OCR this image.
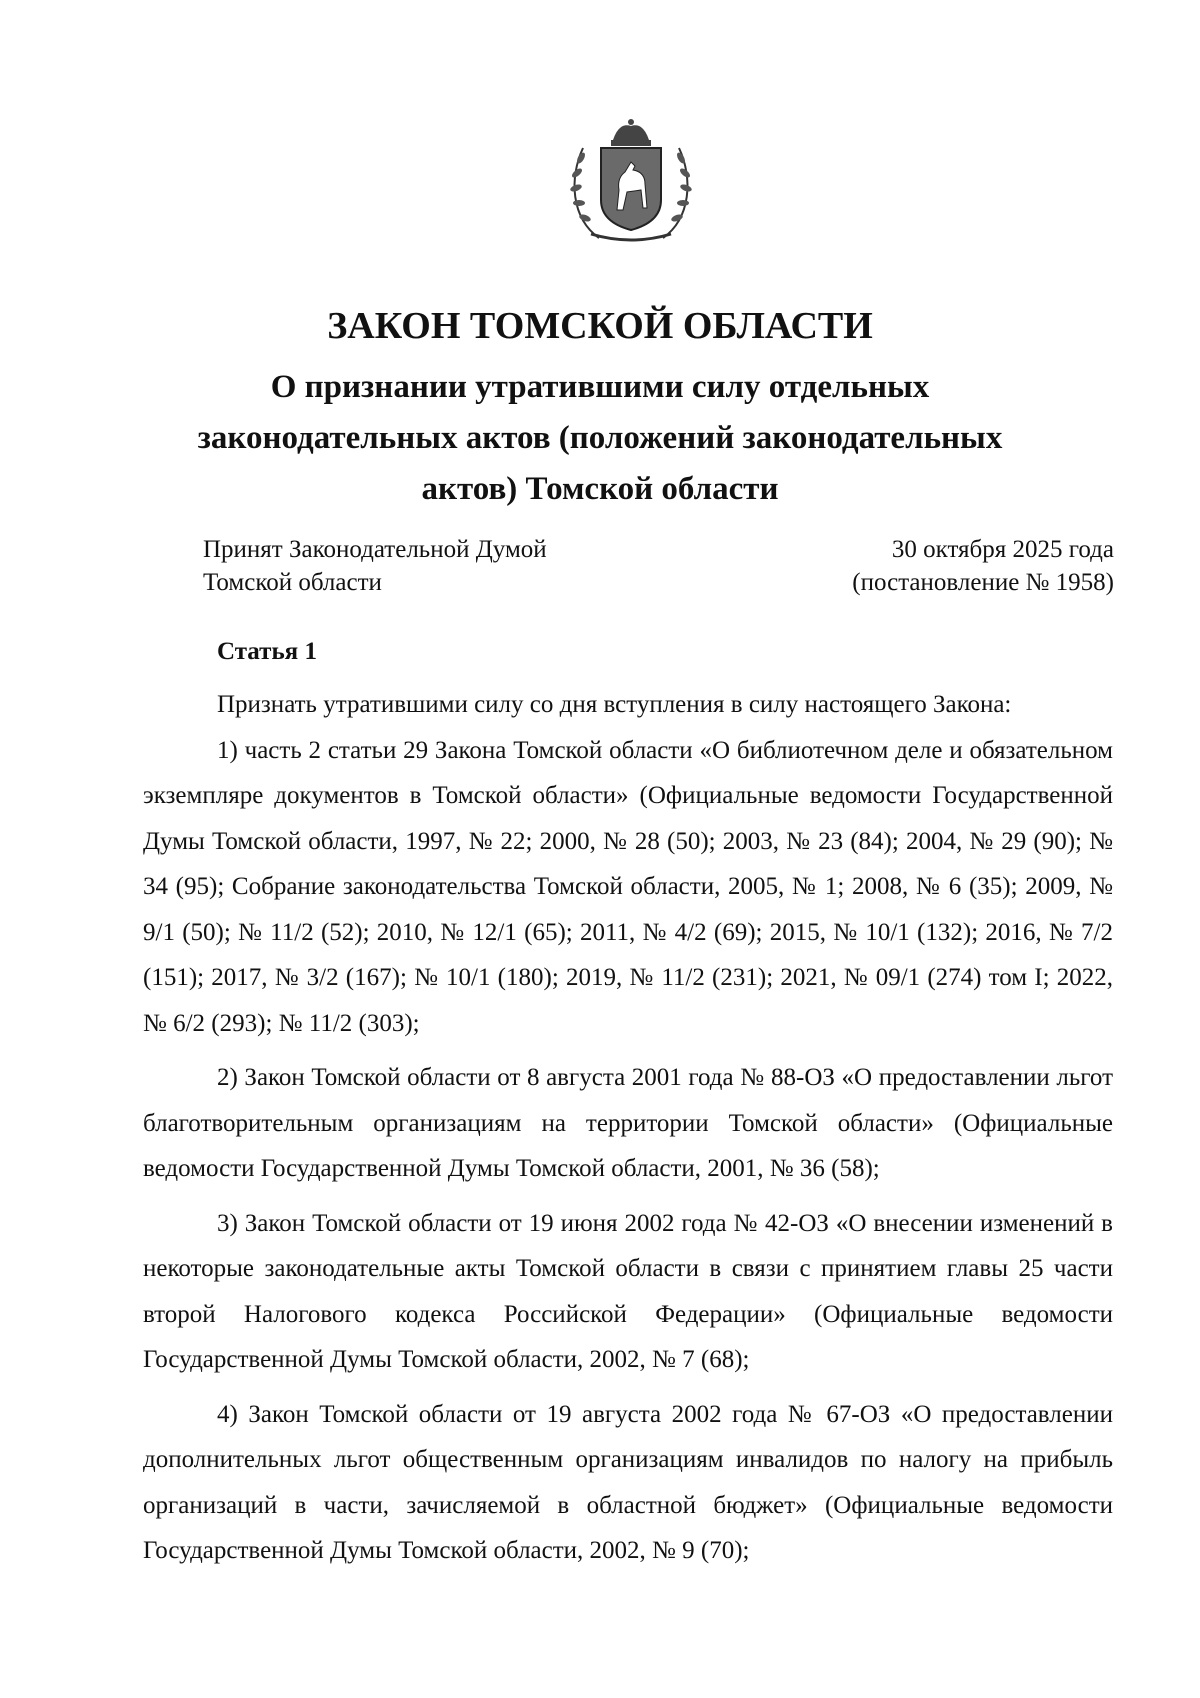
ЗАКОН ТОМСКОЙ ОБЛАСТИ
О признании утратившими силу отдельных
законодательных актов (положений законодательных
актов) Томской области
Принят Законодательной Думой
Томской области
30 октября 2025 года
(постановление № 1958)
Статья 1

Признать утратившими силу со дня вступления в силу настоящего Закона:

1) часть 2 статьи 29 Закона Томской области «О библиотечном деле и обязательном экземпляре документов в Томской области» (Официальные ведомости Государственной Думы Томской области, 1997, № 22; 2000, № 28 (50); 2003, № 23 (84); 2004, № 29 (90); № 34 (95); Собрание законодательства Томской области, 2005, № 1; 2008, № 6 (35); 2009, № 9/1 (50); № 11/2 (52); 2010, № 12/1 (65); 2011, № 4/2 (69); 2015, № 10/1 (132); 2016, № 7/2 (151); 2017, № 3/2 (167); № 10/1 (180); 2019, № 11/2 (231); 2021, № 09/1 (274) том I; 2022, № 6/2 (293); № 11/2 (303);

2) Закон Томской области от 8 августа 2001 года № 88-ОЗ «О предоставлении льгот благотворительным организациям на территории Томской области» (Официальные ведомости Государственной Думы Томской области, 2001, № 36 (58);

3) Закон Томской области от 19 июня 2002 года № 42-ОЗ «О внесении изменений в некоторые законодательные акты Томской области в связи с принятием главы 25 части второй Налогового кодекса Российской Федерации» (Официальные ведомости Государственной Думы Томской области, 2002, № 7 (68);

4) Закон Томской области от 19 августа 2002 года № 67-ОЗ «О предоставлении дополнительных льгот общественным организациям инвалидов по налогу на прибыль организаций в части, зачисляемой в областной бюджет» (Официальные ведомости Государственной Думы Томской области, 2002, № 9 (70);
